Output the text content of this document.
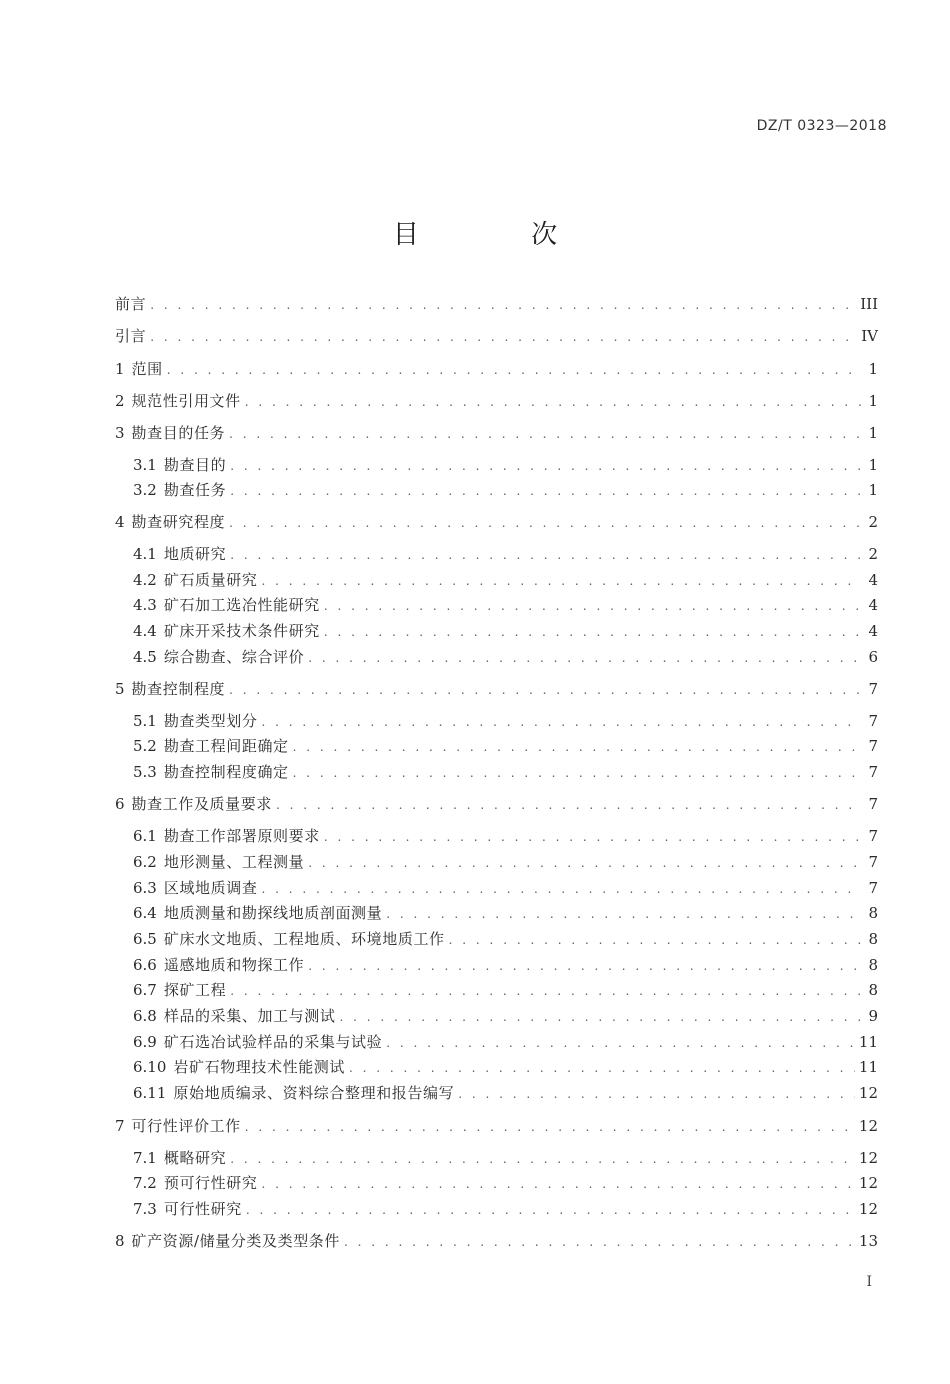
DZ/T 0323—2018
目 次
前言 . . .	III
引言 . . .	IV
1 范围 . . .	1
2 规范性引用文件 . . .	1
3 勘查目的任务 . . .	1
3.1 勘查目的 . . .	1
3.2 勘查任务 . . .	1
4 勘查研究程度 . . .	2
4.1 地质研究 . . .	2
4.2 矿石质量研究 . . .	4
4.3 矿石加工选冶性能研究 . . .	4
4.4 矿床开采技术条件研究 . . .	4
4.5 综合勘查、综合评价 . . .	6
5 勘查控制程度 . . .	7
5.1 勘查类型划分 . . .	7
5.2 勘查工程间距确定 . . .	7
5.3 勘查控制程度确定 . . .	7
6 勘查工作及质量要求 . . .	7
6.1 勘查工作部署原则要求 . . .	7
6.2 地形测量、工程测量 . . .	7
6.3 区域地质调查 . . .	7
6.4 地质测量和勘探线地质剖面测量 . . .	8
6.5 矿床水文地质、工程地质、环境地质工作 . . .	8
6.6 遥感地质和物探工作 . . .	8
6.7 探矿工程 . . .	8
6.8 样品的采集、加工与测试 . . .	9
6.9 矿石选冶试验样品的采集与试验 . . .	11
6.10 岩矿石物理技术性能测试 . . .	11
6.11 原始地质编录、资料综合整理和报告编写 . . .	12
7 可行性评价工作 . . .	12
7.1 概略研究 . . .	12
7.2 预可行性研究 . . .	12
7.3 可行性研究 . . .	12
8 矿产资源/储量分类及类型条件 . . .	13
I
